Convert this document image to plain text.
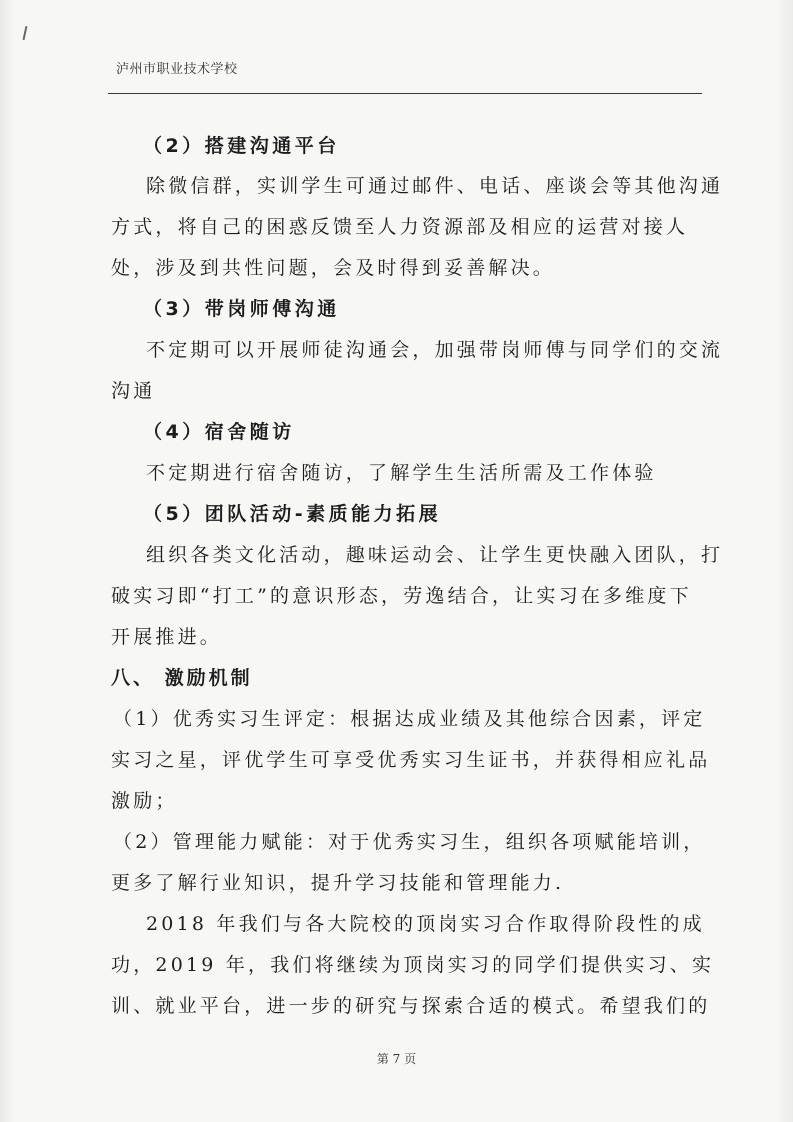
泸州市职业技术学校
（2）搭建沟通平台
除微信群，实训学生可通过邮件、电话、座谈会等其他沟通
方式，将自己的困惑反馈至人力资源部及相应的运营对接人
处，涉及到共性问题，会及时得到妥善解决。
（3）带岗师傅沟通
不定期可以开展师徒沟通会，加强带岗师傅与同学们的交流
沟通
（4）宿舍随访
不定期进行宿舍随访，了解学生生活所需及工作体验
（5）团队活动-素质能力拓展
组织各类文化活动，趣味运动会、让学生更快融入团队，打
破实习即“打工”的意识形态，劳逸结合，让实习在多维度下
开展推进。
八、 激励机制
（1）优秀实习生评定：根据达成业绩及其他综合因素，评定
实习之星，评优学生可享受优秀实习生证书，并获得相应礼品
激励；
（2）管理能力赋能：对于优秀实习生，组织各项赋能培训，
更多了解行业知识，提升学习技能和管理能力.
2018 年我们与各大院校的顶岗实习合作取得阶段性的成
功，2019 年，我们将继续为顶岗实习的同学们提供实习、实
训、就业平台，进一步的研究与探索合适的模式。希望我们的
第 7 页
